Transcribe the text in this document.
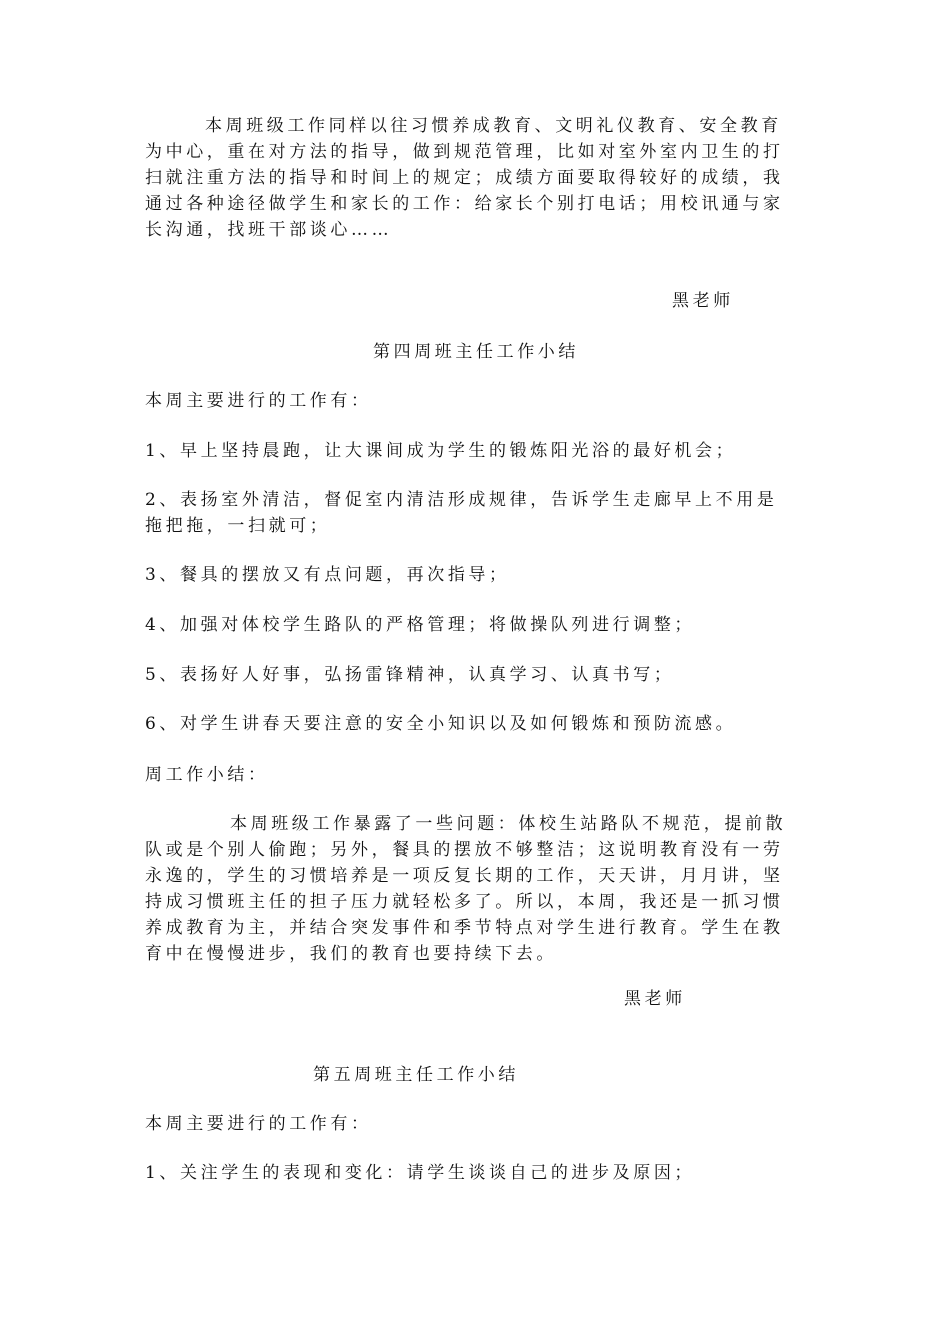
本周班级工作同样以往习惯养成教育、文明礼仪教育、安全教育
为中心，重在对方法的指导，做到规范管理，比如对室外室内卫生的打
扫就注重方法的指导和时间上的规定；成绩方面要取得较好的成绩，我
通过各种途径做学生和家长的工作：给家长个别打电话；用校讯通与家
长沟通，找班干部谈心……
黑老师
第四周班主任工作小结
本周主要进行的工作有：
1、早上坚持晨跑，让大课间成为学生的锻炼阳光浴的最好机会；
2、表扬室外清洁，督促室内清洁形成规律，告诉学生走廊早上不用是
拖把拖，一扫就可；
3、餐具的摆放又有点问题，再次指导；
4、加强对体校学生路队的严格管理；将做操队列进行调整；
5、表扬好人好事，弘扬雷锋精神，认真学习、认真书写；
6、对学生讲春天要注意的安全小知识以及如何锻炼和预防流感。
周工作小结：
本周班级工作暴露了一些问题：体校生站路队不规范，提前散
队或是个别人偷跑；另外，餐具的摆放不够整洁；这说明教育没有一劳
永逸的，学生的习惯培养是一项反复长期的工作，天天讲，月月讲，坚
持成习惯班主任的担子压力就轻松多了。所以，本周，我还是一抓习惯
养成教育为主，并结合突发事件和季节特点对学生进行教育。学生在教
育中在慢慢进步，我们的教育也要持续下去。
黑老师
第五周班主任工作小结
本周主要进行的工作有：
1、关注学生的表现和变化：请学生谈谈自己的进步及原因；
